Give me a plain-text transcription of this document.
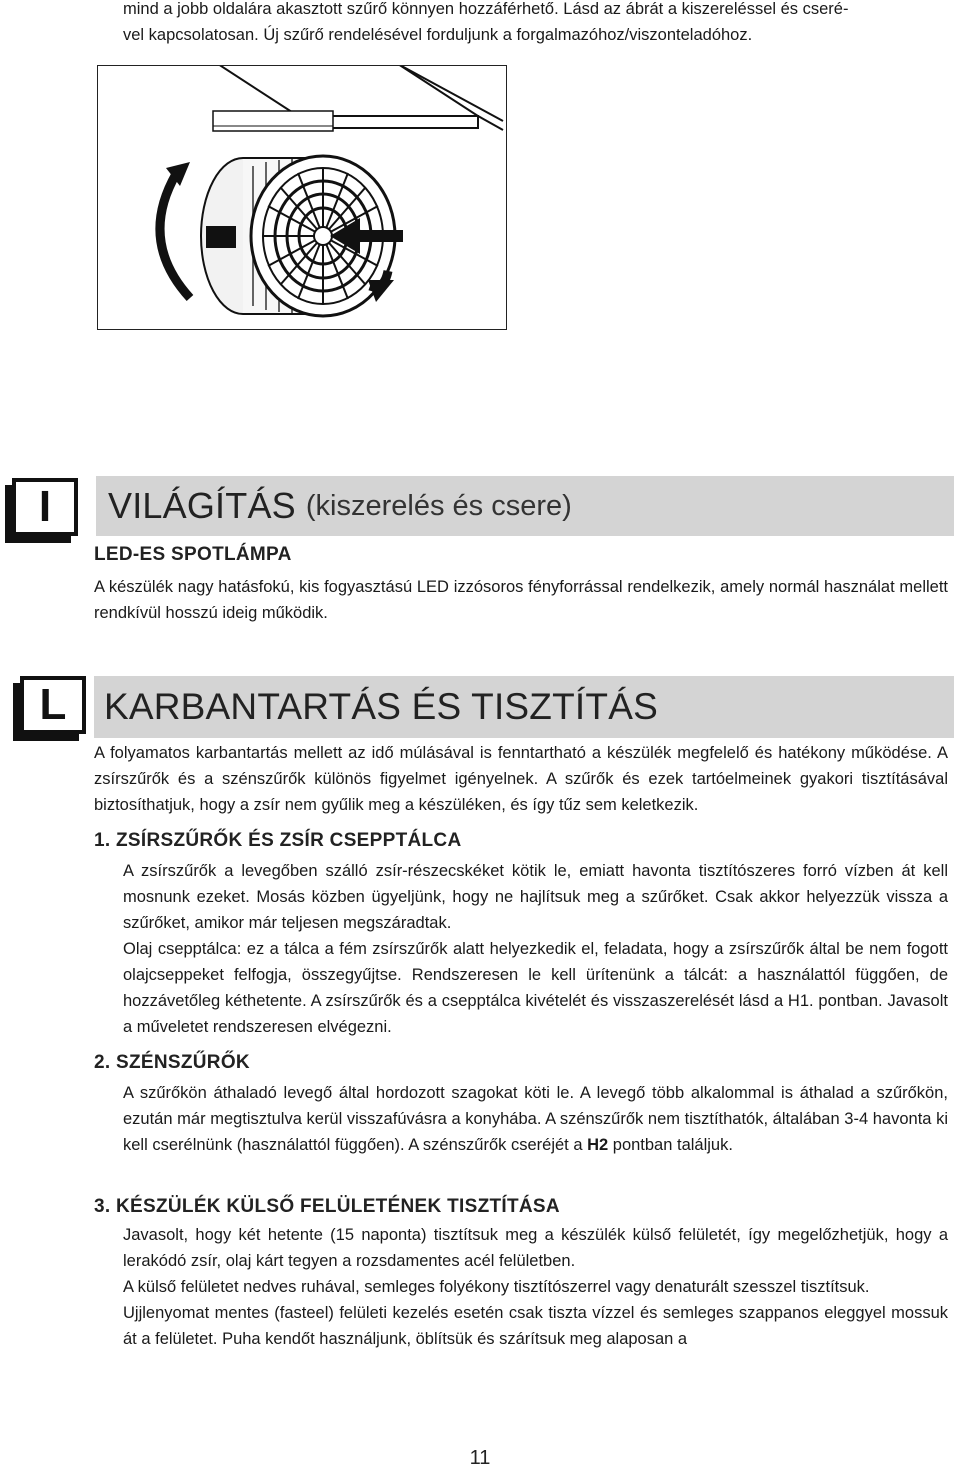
mind a jobb oldalára akasztott szűrő könnyen hozzáférhető. Lásd az ábrát a kiszereléssel és cseré-

vel kapcsolatosan. Új szűrő rendelésével forduljunk a forgalmazóhoz/viszonteladóhoz.

I VILÁGÍTÁS (kiszerelés és csere)
LED-ES SPOTLÁMPA
A készülék nagy hatásfokú, kis fogyasztású LED izzósoros fényforrással rendelkezik, amely normál használat mellett rendkívül hosszú ideig működik.
L KARBANTARTÁS ÉS TISZTÍTÁS
A folyamatos karbantartás mellett az idő múlásával is fenntartható a készülék megfelelő és hatékony működése. A zsírszűrők és a szénszűrők különös figyelmet igényelnek. A szűrők és ezek tartóelmeinek gyakori tisztításával biztosíthatjuk, hogy a zsír nem gyűlik meg a készüléken, és így tűz sem keletkezik.
1. ZSÍRSZŰRŐK ÉS ZSÍR CSEPPTÁLCA

A zsírszűrők a levegőben szálló zsír-részecskéket kötik le, emiatt havonta tisztítószeres forró vízben át kell mosnunk ezeket. Mosás közben ügyeljünk, hogy ne hajlítsuk meg a szűrőket. Csak akkor helyezzük vissza a szűrőket, amikor már teljesen megszáradtak.

Olaj csepptálca: ez a tálca a fém zsírszűrők alatt helyezkedik el, feladata, hogy a zsírszűrők által be nem fogott olajcseppeket felfogja, összegyűjtse. Rendszeresen le kell ürítenünk a tálcát: a használattól függően, de hozzávetőleg kéthetente. A zsírszűrők és a csepptálca kivételét és visszaszerelését lásd a H1. pontban. Javasolt a műveletet rendszeresen elvégezni.

2. SZÉNSZŰRŐK

A szűrőkön áthaladó levegő által hordozott szagokat köti le. A levegő több alkalommal is áthalad a szűrőkön, ezután már megtisztulva kerül visszafúvásra a konyhába. A szénszűrők nem tisztíthatók, általában 3-4 havonta ki kell cserélnünk (használattól függően). A szénszűrők cseréjét a H2 pontban találjuk.

3. KÉSZÜLÉK KÜLSŐ FELÜLETÉNEK TISZTÍTÁSA

Javasolt, hogy két hetente (15 naponta) tisztítsuk meg a készülék külső felületét, így megelőzhetjük, hogy a lerakódó zsír, olaj kárt tegyen a rozsdamentes acél felületben.

A külső felületet nedves ruhával, semleges folyékony tisztítószerrel vagy denaturált szesszel tisztítsuk.

Ujjlenyomat mentes (fasteel) felületi kezelés esetén csak tiszta vízzel és semleges szappanos eleggyel mossuk át a felületet. Puha kendőt használjunk, öblítsük és szárítsuk meg alaposan a

11
